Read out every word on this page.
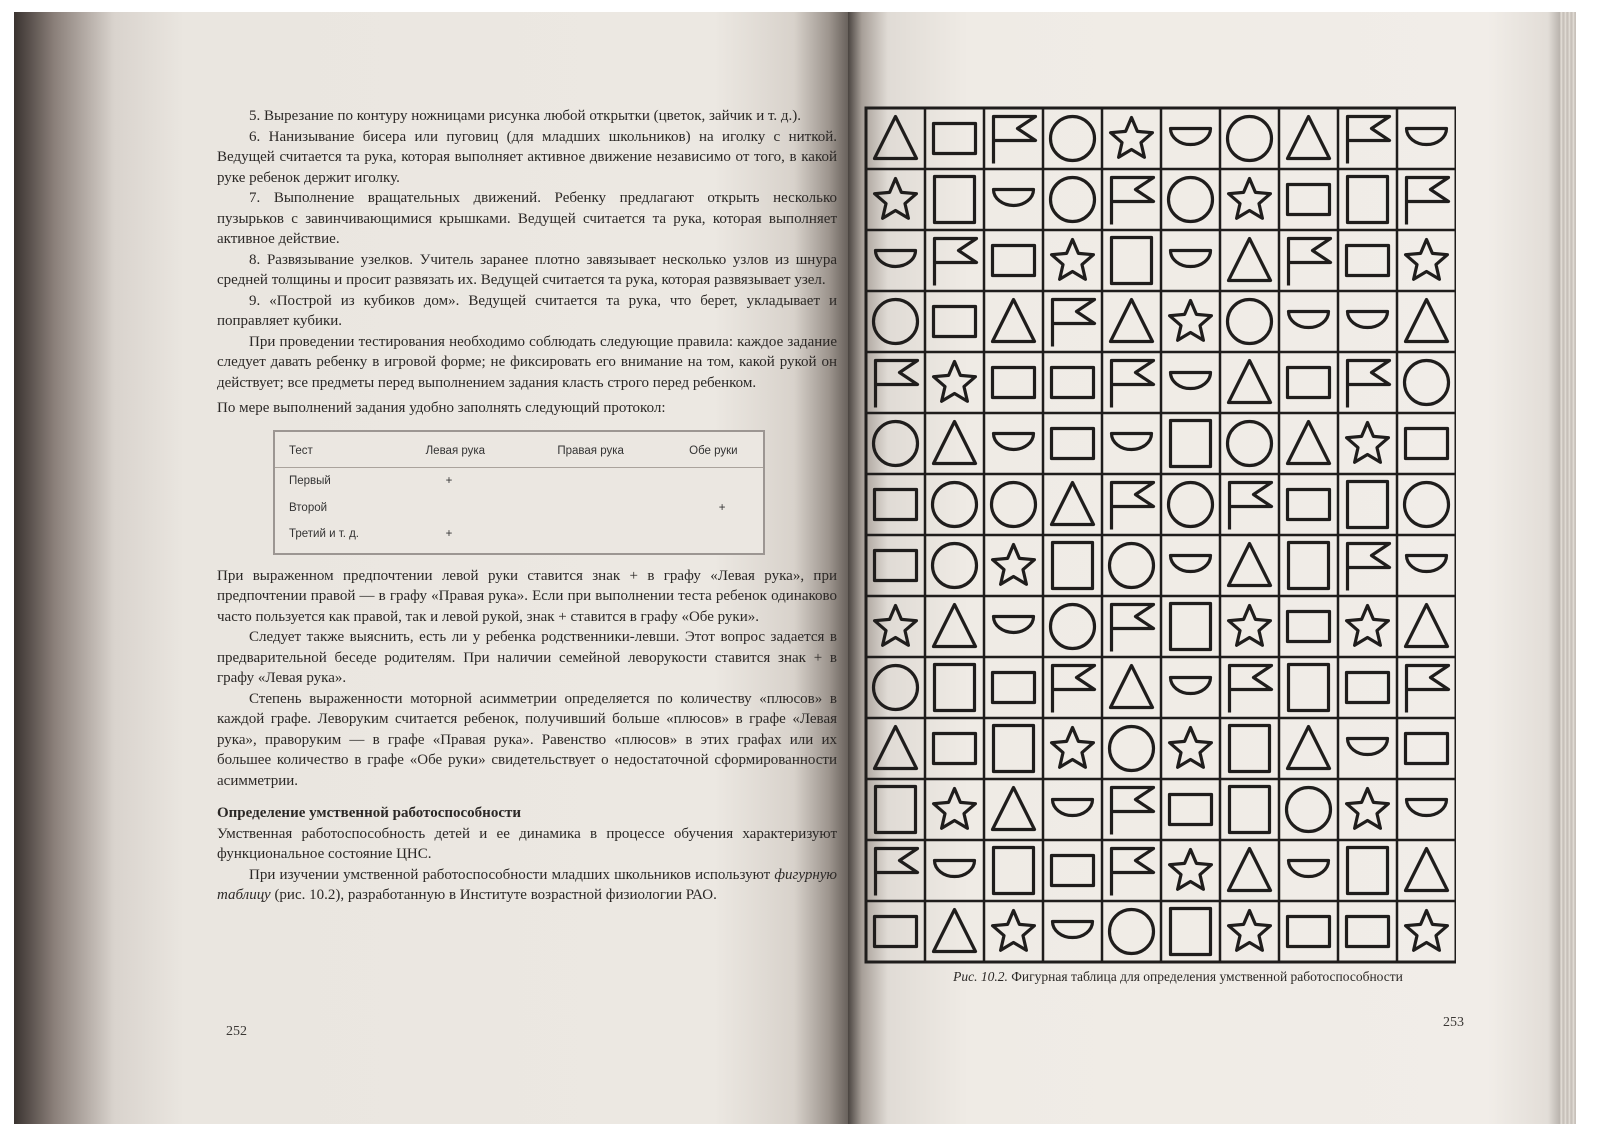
5. Вырезание по контуру ножницами рисунка любой открытки (цветок, зайчик и т. д.).

6. Нанизывание бисера или пуговиц (для младших школьников) на иголку с ниткой. Ведущей считается та рука, которая выполняет активное движение независимо от того, в какой руке ребенок держит иголку.

7. Выполнение вращательных движений. Ребенку предлагают открыть несколько пузырьков с завинчивающимися крышками. Ведущей считается та рука, которая выполняет активное действие.

8. Развязывание узелков. Учитель заранее плотно завязывает несколько узлов из шнура средней толщины и просит развязать их. Ведущей считается та рука, которая развязывает узел.

9. «Построй из кубиков дом». Ведущей считается та рука, что берет, укладывает и поправляет кубики.

При проведении тестирования необходимо соблюдать следующие правила: каждое задание следует давать ребенку в игровой форме; не фиксировать его внимание на том, какой рукой он действует; все предметы перед выполнением задания класть строго перед ребенком.

По мере выполнений задания удобно заполнять следующий протокол:

Тест	Левая рука	Правая рука	Обе руки
Первый	+		
Второй			+
Третий и т. д.	+		

При выраженном предпочтении левой руки ставится знак + в графу «Левая рука», при предпочтении правой — в графу «Правая рука». Если при выполнении теста ребенок одинаково часто пользуется как правой, так и левой рукой, знак + ставится в графу «Обе руки».

Следует также выяснить, есть ли у ребенка родственники-левши. Этот вопрос задается в предварительной беседе родителям. При наличии семейной леворукости ставится знак + в графу «Левая рука».

Степень выраженности моторной асимметрии определяется по количеству «плюсов» в каждой графе. Леворуким считается ребенок, получивший больше «плюсов» в графе «Левая рука», праворуким — в графе «Правая рука». Равенство «плюсов» в этих графах или их большее количество в графе «Обе руки» свидетельствует о недостаточной сформированности асимметрии.

Определение умственной работоспособности

Умственная работоспособность детей и ее динамика в процессе обучения характеризуют функциональное состояние ЦНС.

При изучении умственной работоспособности младших школьников используют фигурную таблицу (рис. 10.2), разработанную в Институте возрастной физиологии РАО.

252
253
Рис. 10.2. Фигурная таблица для определения умственной работоспособности
